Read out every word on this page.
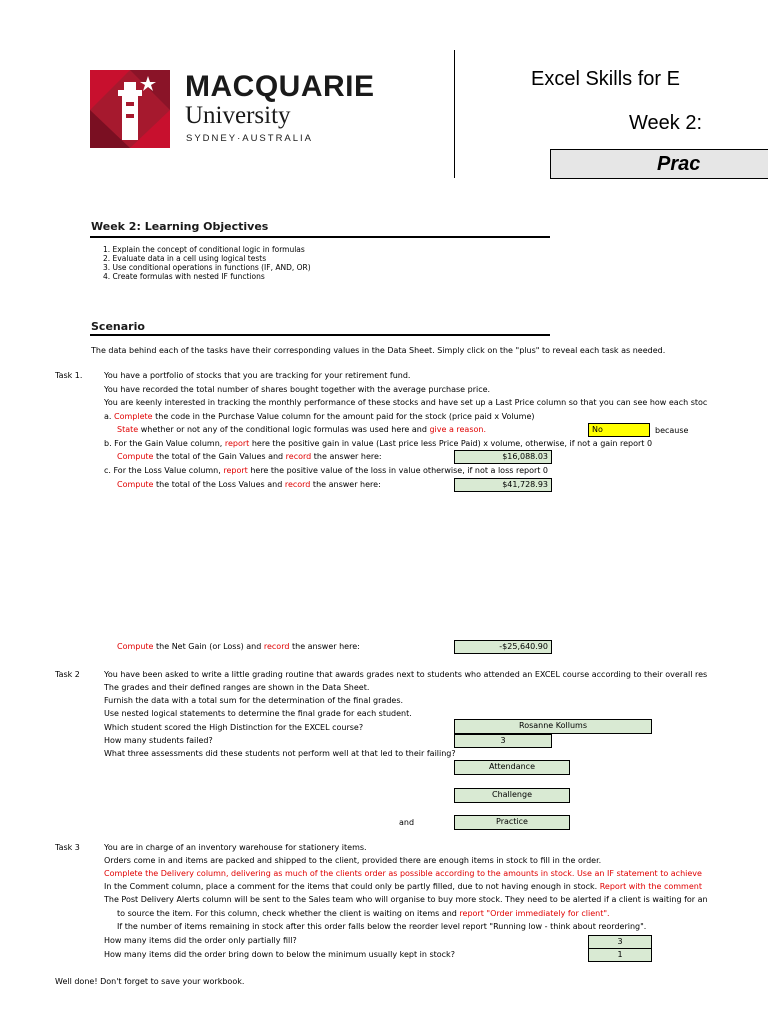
MACQUARIE
University
SYDNEY·AUSTRALIA
Excel Skills for E
Week 2:
Prac
Week 2: Learning Objectives
1. Explain the concept of conditional logic in formulas
2. Evaluate data in a cell using logical tests
3. Use conditional operations in functions (IF, AND, OR)
4. Create formulas with nested IF functions
Scenario
The data behind each of the tasks have their corresponding values in the Data Sheet. Simply click on the "plus" to reveal each task as needed.
Task 1.	You have a portfolio of stocks that you are tracking for your retirement fund.
You have recorded the total number of shares bought together with the average purchase price.
You are keenly interested in tracking the monthly performance of these stocks and have set up a Last Price column so that you can see how each stoc
a. Complete the code in the Purchase Value column for the amount paid for the stock (price paid x Volume)
State whether or not any of the conditional logic formulas was used here and give a reason.	No	because
b. For the Gain Value column, report here the positive gain in value (Last price less Price Paid) x volume, otherwise, if not a gain report 0
Compute the total of the Gain Values and record the answer here:	$16,088.03
c. For the Loss Value column, report here the positive value of the loss in value otherwise, if not a loss report 0
Compute the total of the Loss Values and record the answer here:	$41,728.93
Compute the Net Gain (or Loss) and record the answer here:	-$25,640.90
Task 2	You have been asked to write a little grading routine that awards grades next to students who attended an EXCEL course according to their overall res
The grades and their defined ranges are shown in the Data Sheet.
Furnish the data with a total sum for the determination of the final grades.
Use nested logical statements to determine the final grade for each student.
Which student scored the High Distinction for the EXCEL course?	Rosanne Kollums
How many students failed?	3
What three assessments did these students not perform well at that led to their failing?
Attendance
Challenge
and	Practice
Task 3	You are in charge of an inventory warehouse for stationery items.
Orders come in and items are packed and shipped to the client, provided there are enough items in stock to fill in the order.
Complete the Delivery column, delivering as much of the clients order as possible according to the amounts in stock. Use an IF statement to achieve
In the Comment column, place a comment for the items that could only be partly filled, due to not having enough in stock. Report with the comment
The Post Delivery Alerts column will be sent to the Sales team who will organise to buy more stock. They need to be alerted if a client is waiting for an
to source the item. For this column, check whether the client is waiting on items and report "Order immediately for client".
If the number of items remaining in stock after this order falls below the reorder level report "Running low - think about reordering".
How many items did the order only partially fill?	3
How many items did the order bring down to below the minimum usually kept in stock?	1
Well done! Don't forget to save your workbook.
